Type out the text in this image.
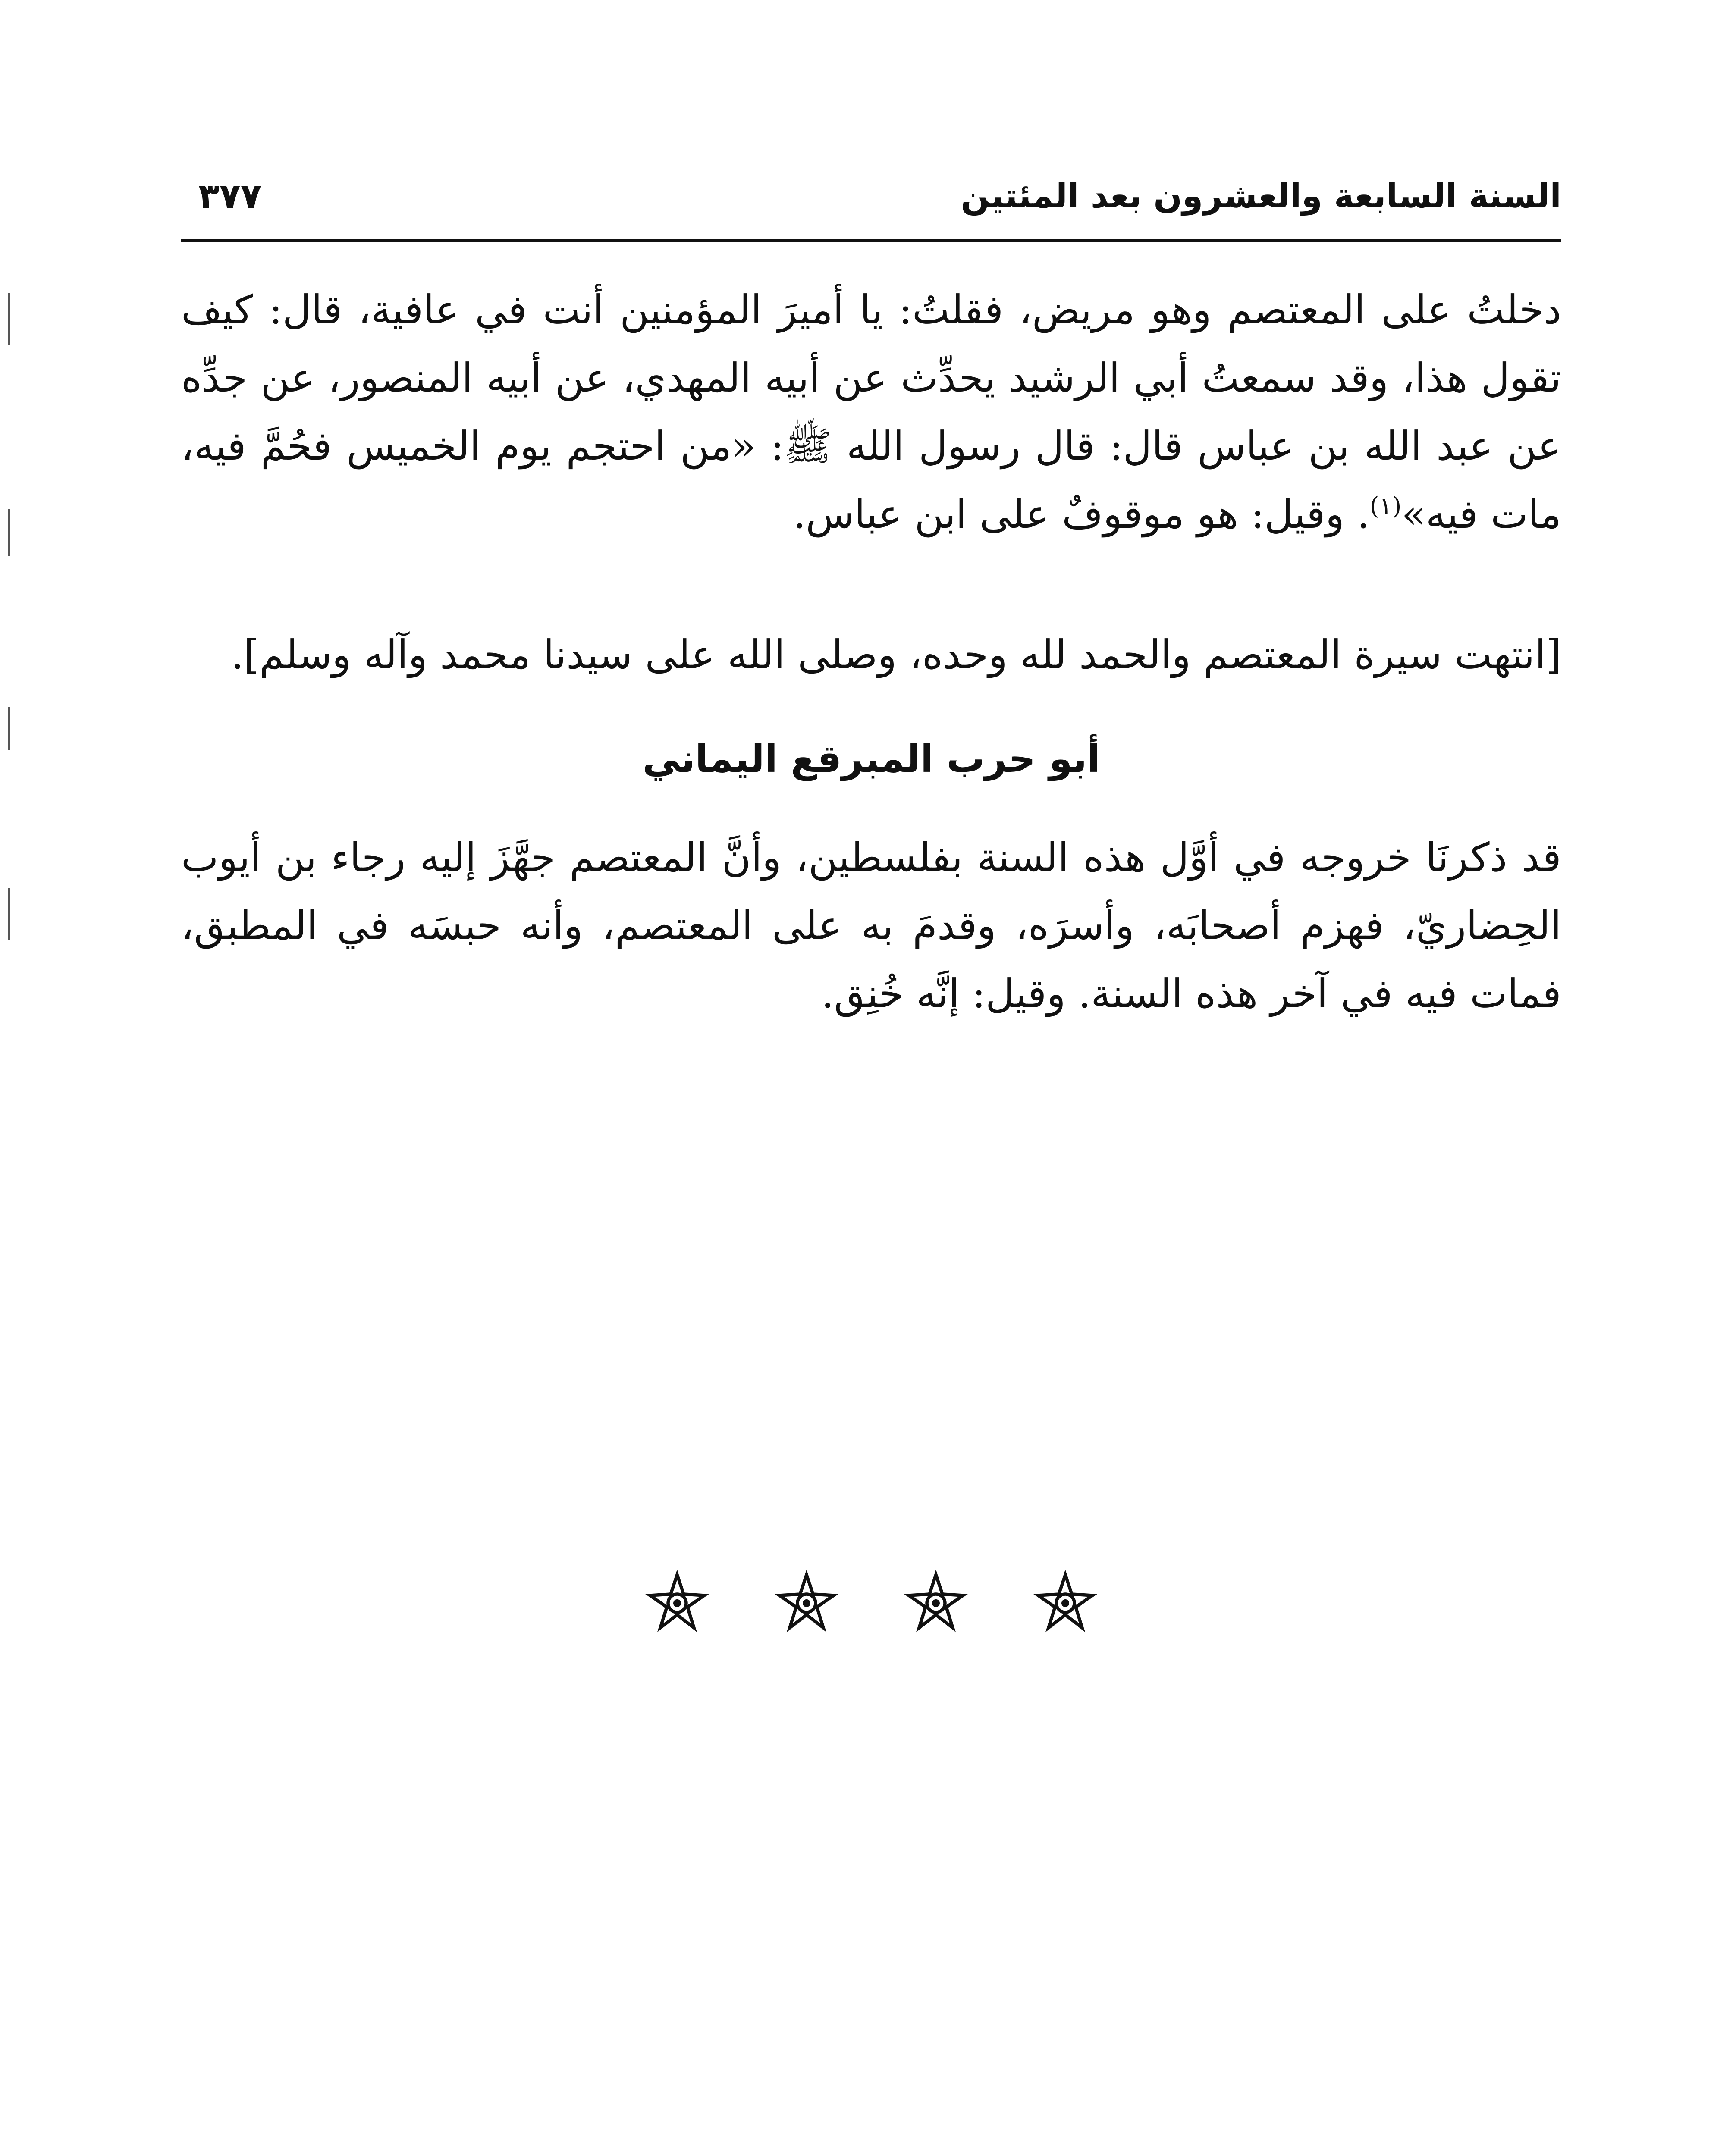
السنة السابعة والعشرون بعد المئتين
٣٧٧
دخلتُ على المعتصم وهو مريض، فقلتُ: يا أميرَ المؤمنين أنت في عافية، قال: كيف تقول هذا، وقد سمعتُ أبي الرشيد يحدِّث عن أبيه المهدي، عن أبيه المنصور، عن جدِّه عن عبد الله بن عباس قال: قال رسول الله ﷺ: «من احتجم يوم الخميس فحُمَّ فيه، مات فيه»$^{(١)}$. وقيل: هو موقوفٌ على ابن عباس.
[انتهت سيرة المعتصم والحمد لله وحده، وصلى الله على سيدنا محمد وآله وسلم].
أبو حرب المبرقع اليماني
قد ذكرنَا خروجه في أوَّل هذه السنة بفلسطين، وأنَّ المعتصم جهَّزَ إليه رجاء بن أيوب الحِضاريّ، فهزم أصحابَه، وأسرَه، وقدمَ به على المعتصم، وأنه حبسَه في المطبق، فمات فيه في آخر هذه السنة. وقيل: إنَّه خُنِق.
